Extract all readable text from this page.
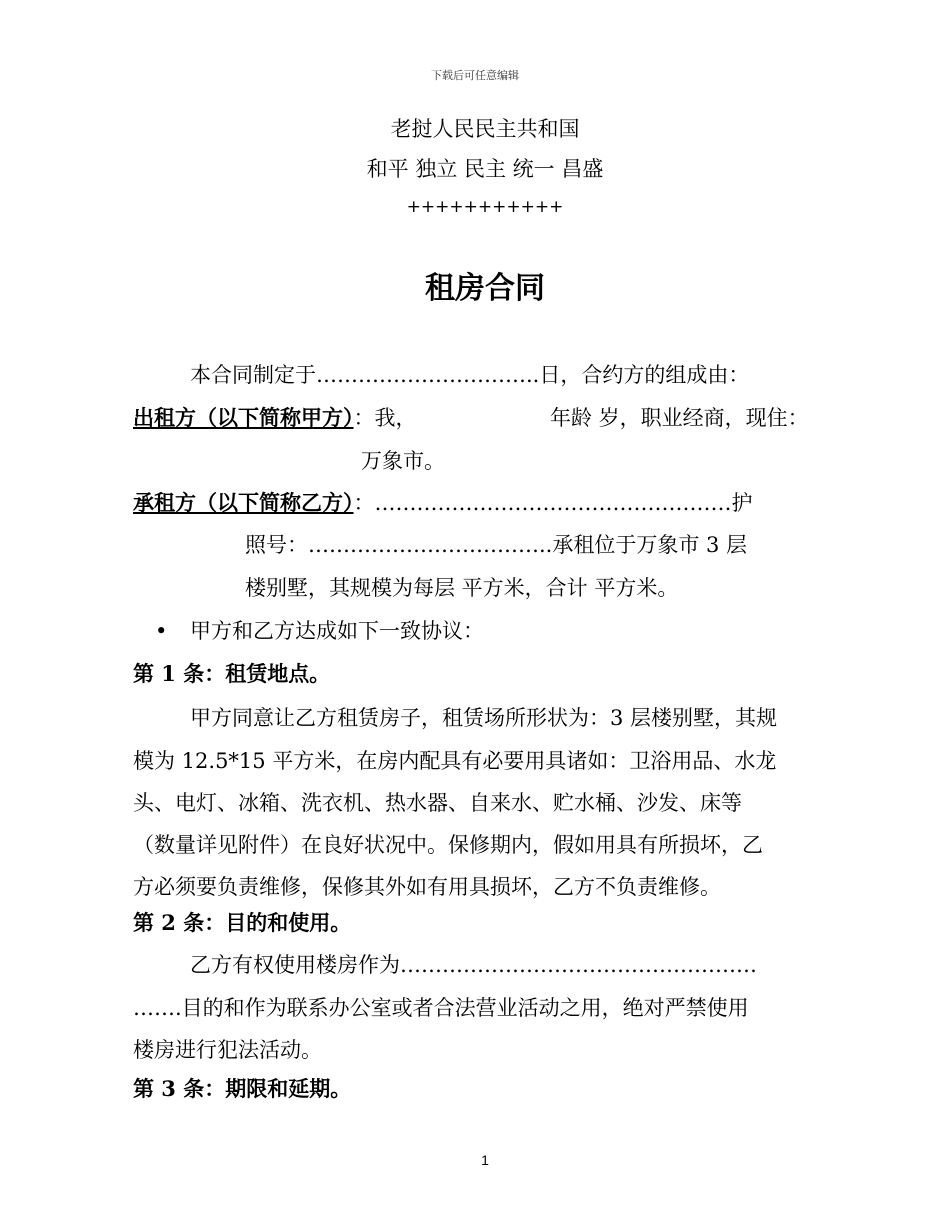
下载后可任意编辑
老挝人民民主共和国
和平 独立 民主 统一 昌盛
+++++++++++
租房合同
本合同制定于…………………………..日，合约方的组成由：
出租方（以下简称甲方）：我，	年龄 岁，职业经商，现住：
万象市。
承租方（以下简称乙方）：……………………………………………护
照号：……………………………..承租位于万象市 3 层
楼别墅，其规模为每层 平方米，合计 平方米。
• 甲方和乙方达成如下一致协议：
第 1 条：租赁地点。
甲方同意让乙方租赁房子，租赁场所形状为：3 层楼别墅，其规
模为 12.5*15 平方米，在房内配具有必要用具诸如：卫浴用品、水龙
头、电灯、冰箱、洗衣机、热水器、自来水、贮水桶、沙发、床等
（数量详见附件）在良好状况中。保修期内，假如用具有所损坏，乙
方必须要负责维修，保修其外如有用具损坏，乙方不负责维修。
第 2 条：目的和使用。
乙方有权使用楼房作为……………………………………………
…….目的和作为联系办公室或者合法营业活动之用，绝对严禁使用
楼房进行犯法活动。
第 3 条：期限和延期。
1
